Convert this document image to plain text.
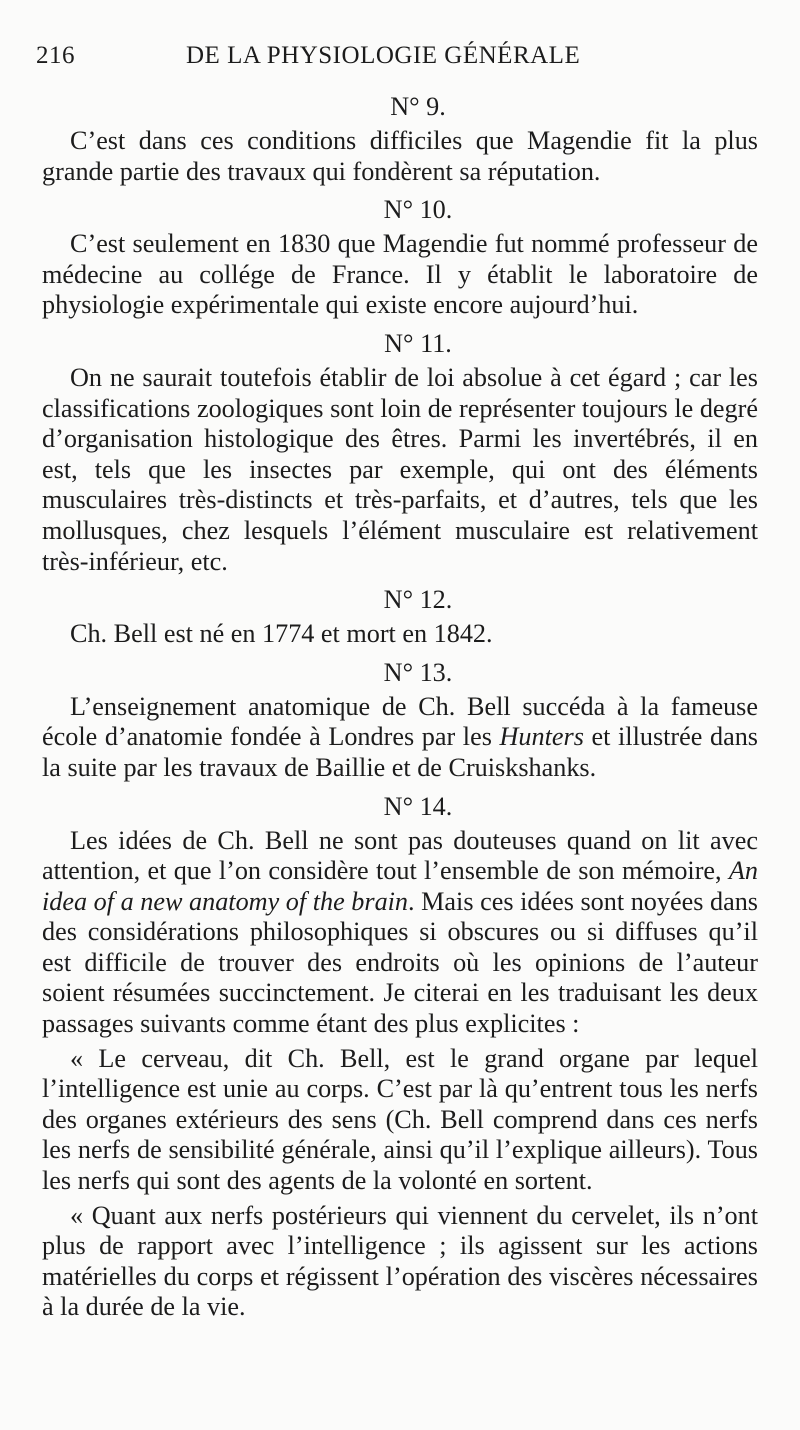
216	DE LA PHYSIOLOGIE GÉNÉRALE

N° 9.

C’est dans ces conditions difficiles que Magendie fit la plus grande partie des travaux qui fondèrent sa réputation.

N° 10.

C’est seulement en 1830 que Magendie fut nommé professeur de médecine au collége de France. Il y établit le laboratoire de physiologie expérimentale qui existe encore aujourd’hui.

N° 11.

On ne saurait toutefois établir de loi absolue à cet égard ; car les classifications zoologiques sont loin de représenter toujours le degré d’organisation histologique des êtres. Parmi les invertébrés, il en est, tels que les insectes par exemple, qui ont des éléments musculaires très-distincts et très-parfaits, et d’autres, tels que les mollusques, chez lesquels l’élément musculaire est relativement très-inférieur, etc.

N° 12.

Ch. Bell est né en 1774 et mort en 1842.

N° 13.

L’enseignement anatomique de Ch. Bell succéda à la fameuse école d’anatomie fondée à Londres par les Hunters et illustrée dans la suite par les travaux de Baillie et de Cruiskshanks.

N° 14.

Les idées de Ch. Bell ne sont pas douteuses quand on lit avec attention, et que l’on considère tout l’ensemble de son mémoire, An idea of a new anatomy of the brain. Mais ces idées sont noyées dans des considérations philosophiques si obscures ou si diffuses qu’il est difficile de trouver des endroits où les opinions de l’auteur soient résumées succinctement. Je citerai en les traduisant les deux passages suivants comme étant des plus explicites :

« Le cerveau, dit Ch. Bell, est le grand organe par lequel l’intelligence est unie au corps. C’est par là qu’entrent tous les nerfs des organes extérieurs des sens (Ch. Bell comprend dans ces nerfs les nerfs de sensibilité générale, ainsi qu’il l’explique ailleurs). Tous les nerfs qui sont des agents de la volonté en sortent.

« Quant aux nerfs postérieurs qui viennent du cervelet, ils n’ont plus de rapport avec l’intelligence ; ils agissent sur les actions matérielles du corps et régissent l’opération des viscères nécessaires à la durée de la vie.
